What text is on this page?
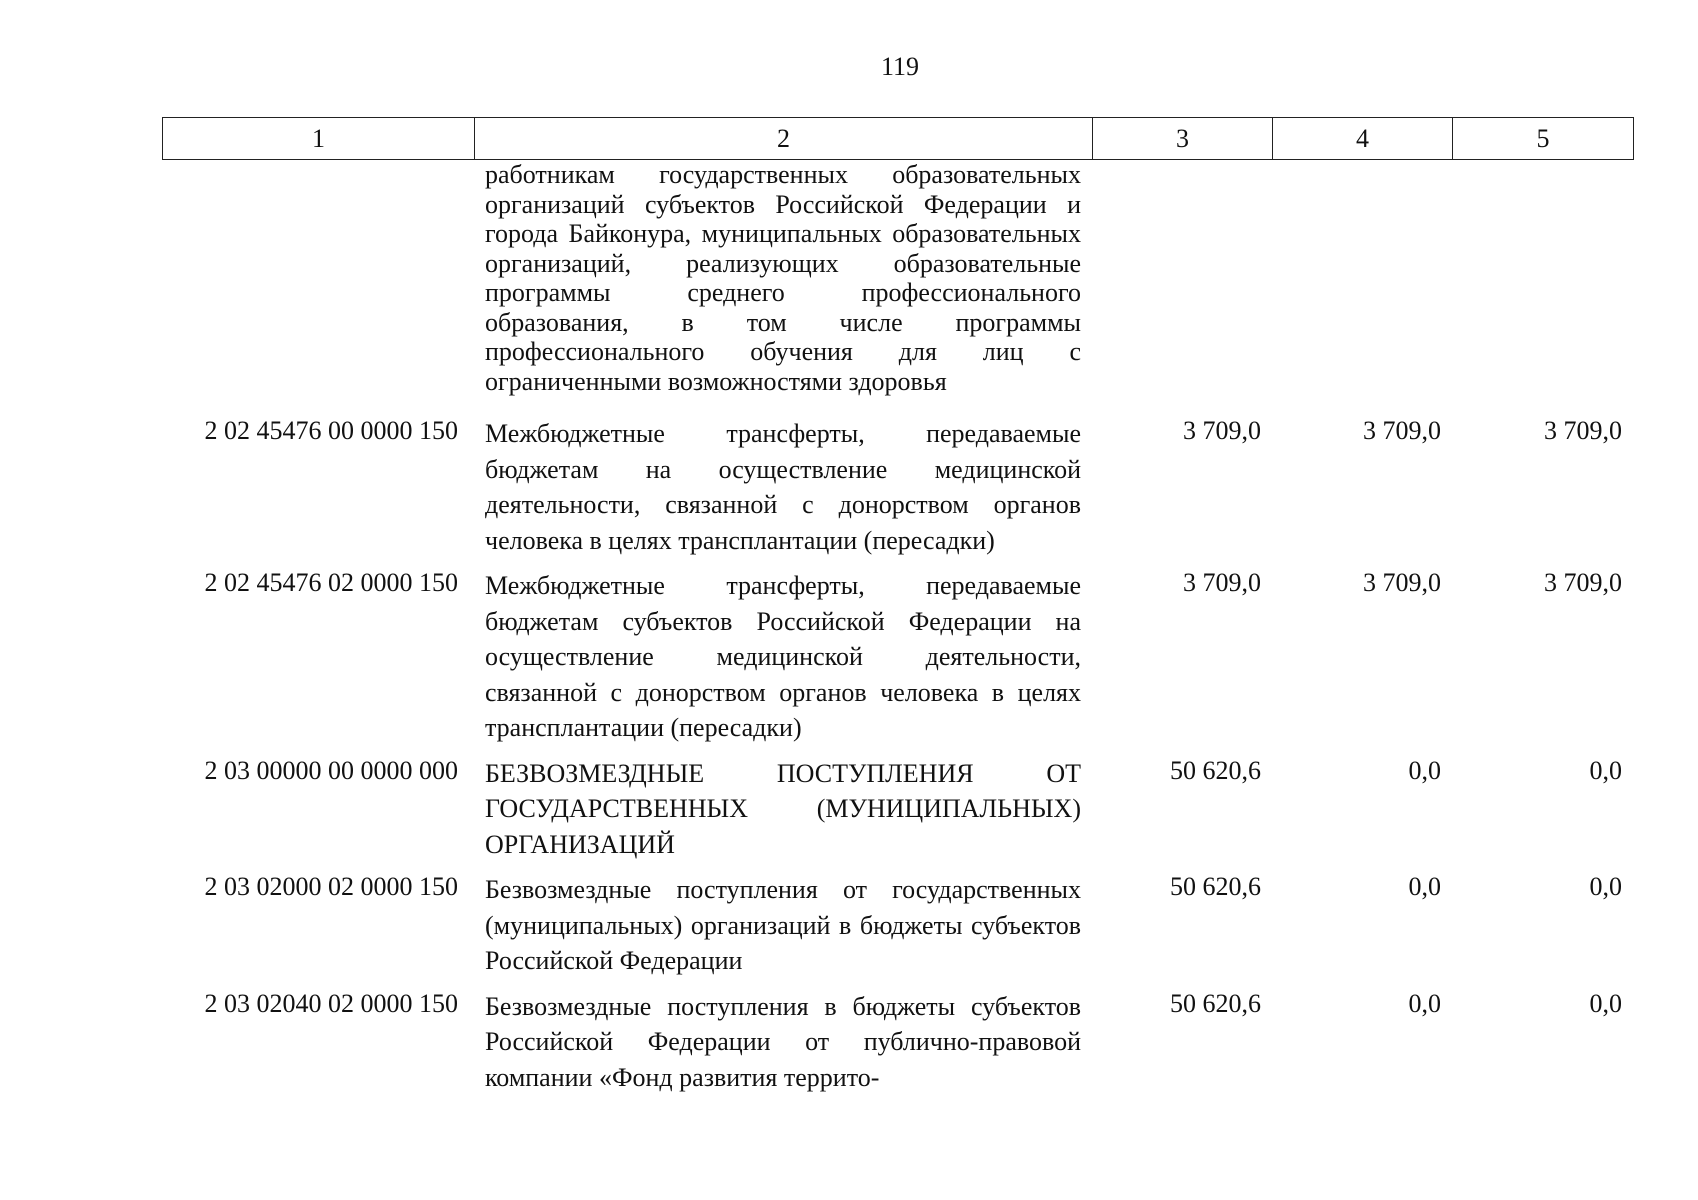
119
1	2	3	4	5

	работникам государственных образовательных организаций субъектов Российской Федерации и города Байконура, муниципальных образовательных организаций, реализующих образовательные программы среднего профессионального образования, в том числе программы профессионального обучения для лиц с ограниченными возможностями здоровья			

2 02 45476 00 0000 150	Межбюджетные трансферты, передаваемые бюджетам на осуществление медицинской деятельности, связанной с донорством органов человека в целях трансплантации (пересадки)	3 709,0	3 709,0	3 709,0
2 02 45476 02 0000 150	Межбюджетные трансферты, передаваемые бюджетам субъектов Российской Федерации на осуществление медицинской деятельности, связанной с донорством органов человека в целях трансплантации (пересадки)	3 709,0	3 709,0	3 709,0
2 03 00000 00 0000 000	БЕЗВОЗМЕЗДНЫЕ ПОСТУПЛЕНИЯ ОТ ГОСУДАРСТВЕННЫХ (МУНИЦИПАЛЬНЫХ) ОРГАНИЗАЦИЙ	50 620,6	0,0	0,0
2 03 02000 02 0000 150	Безвозмездные поступления от государственных (муниципальных) организаций в бюджеты субъектов Российской Федерации	50 620,6	0,0	0,0
2 03 02040 02 0000 150	Безвозмездные поступления в бюджеты субъектов Российской Федерации от публично-правовой компании «Фонд развития террито-	50 620,6	0,0	0,0
